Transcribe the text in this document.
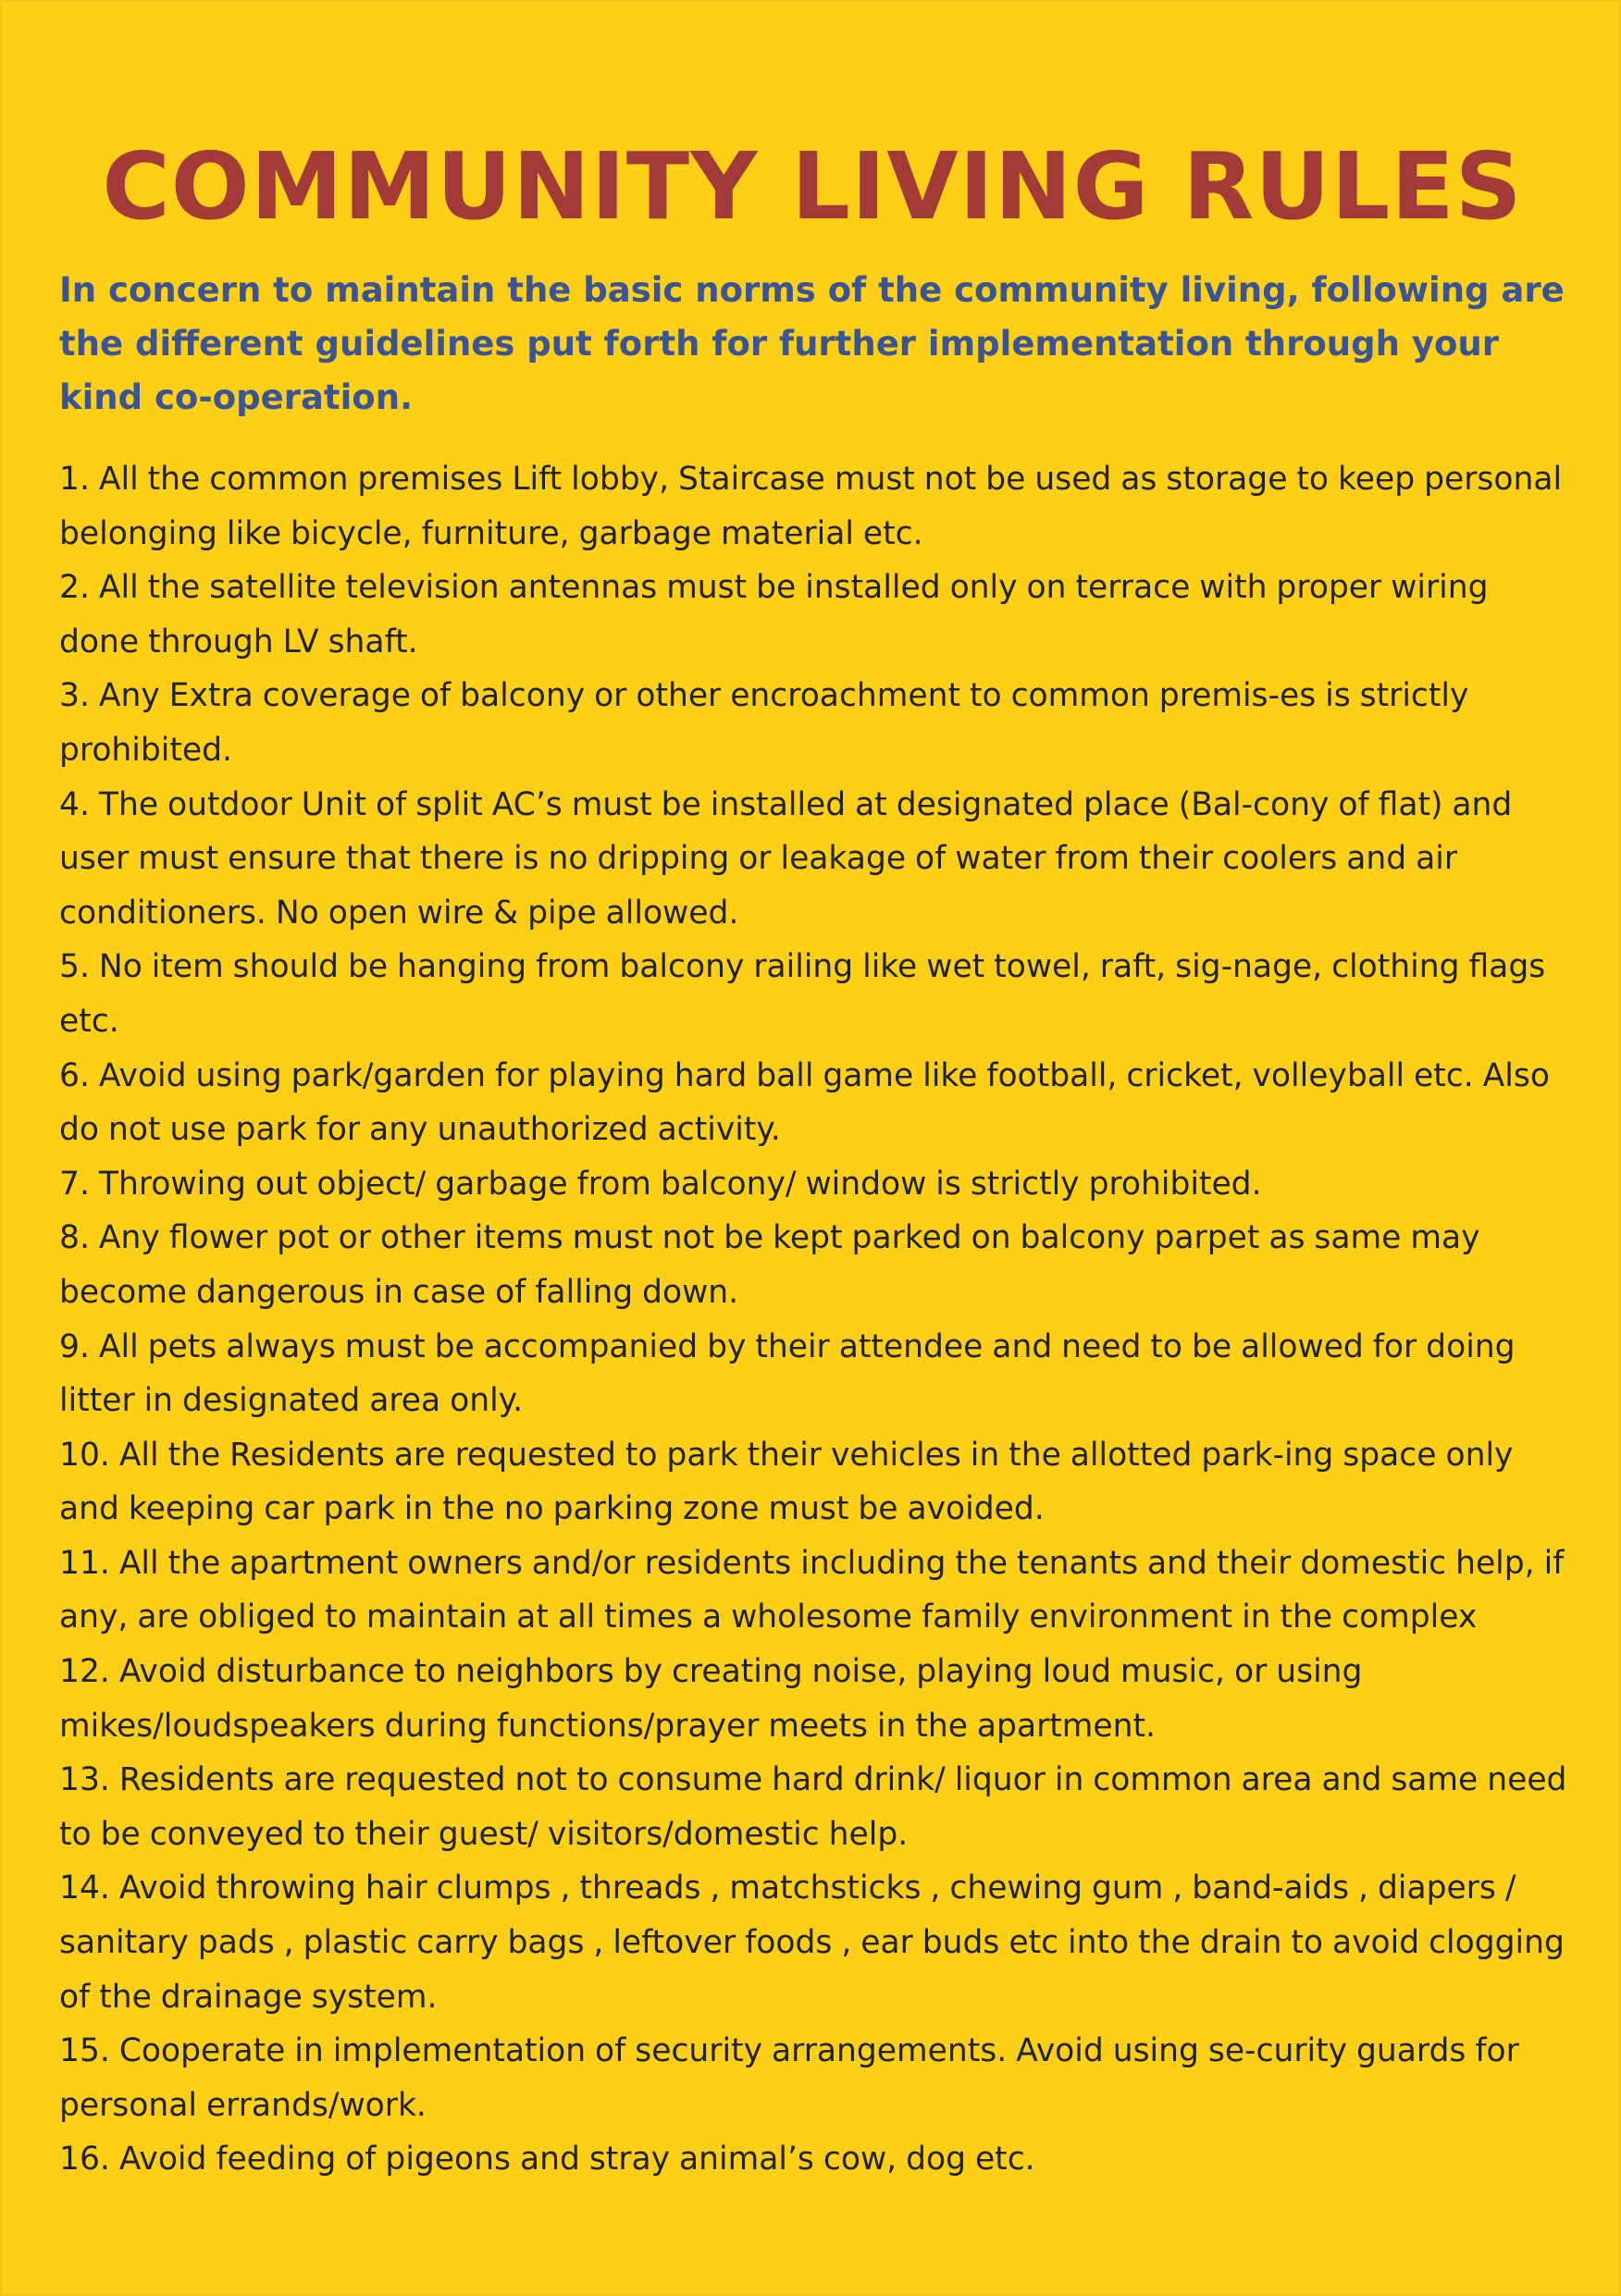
COMMUNITY LIVING RULES

In concern to maintain the basic norms of the community living, following are the different guidelines put forth for further implementation through your kind co-operation.

1. All the common premises Lift lobby, Staircase must not be used as storage to keep personal belonging like bicycle, furniture, garbage material etc.
2. All the satellite television antennas must be installed only on terrace with proper wiring done through LV shaft.
3. Any Extra coverage of balcony or other encroachment to common premis-es is strictly prohibited.
4. The outdoor Unit of split AC’s must be installed at designated place (Bal-cony of flat) and user must ensure that there is no dripping or leakage of water from their coolers and air conditioners. No open wire & pipe allowed.
5. No item should be hanging from balcony railing like wet towel, raft, sig-nage, clothing flags etc.
6. Avoid using park/garden for playing hard ball game like football, cricket, volleyball etc. Also do not use park for any unauthorized activity.
7. Throwing out object/ garbage from balcony/ window is strictly prohibited.
8. Any flower pot or other items must not be kept parked on balcony parpet as same may become dangerous in case of falling down.
9. All pets always must be accompanied by their attendee and need to be allowed for doing litter in designated area only.
10. All the Residents are requested to park their vehicles in the allotted park-ing space only and keeping car park in the no parking zone must be avoided.
11. All the apartment owners and/or residents including the tenants and their domestic help, if any, are obliged to maintain at all times a wholesome family environment in the complex
12. Avoid disturbance to neighbors by creating noise, playing loud music, or using mikes/loudspeakers during functions/prayer meets in the apartment.
13. Residents are requested not to consume hard drink/ liquor in common area and same need to be conveyed to their guest/ visitors/domestic help.
14. Avoid throwing hair clumps , threads , matchsticks , chewing gum , band-aids , diapers / sanitary pads , plastic carry bags , leftover foods , ear buds etc into the drain to avoid clogging of the drainage system.
15. Cooperate in implementation of security arrangements. Avoid using se-curity guards for personal errands/work.
16. Avoid feeding of pigeons and stray animal’s cow, dog etc.
